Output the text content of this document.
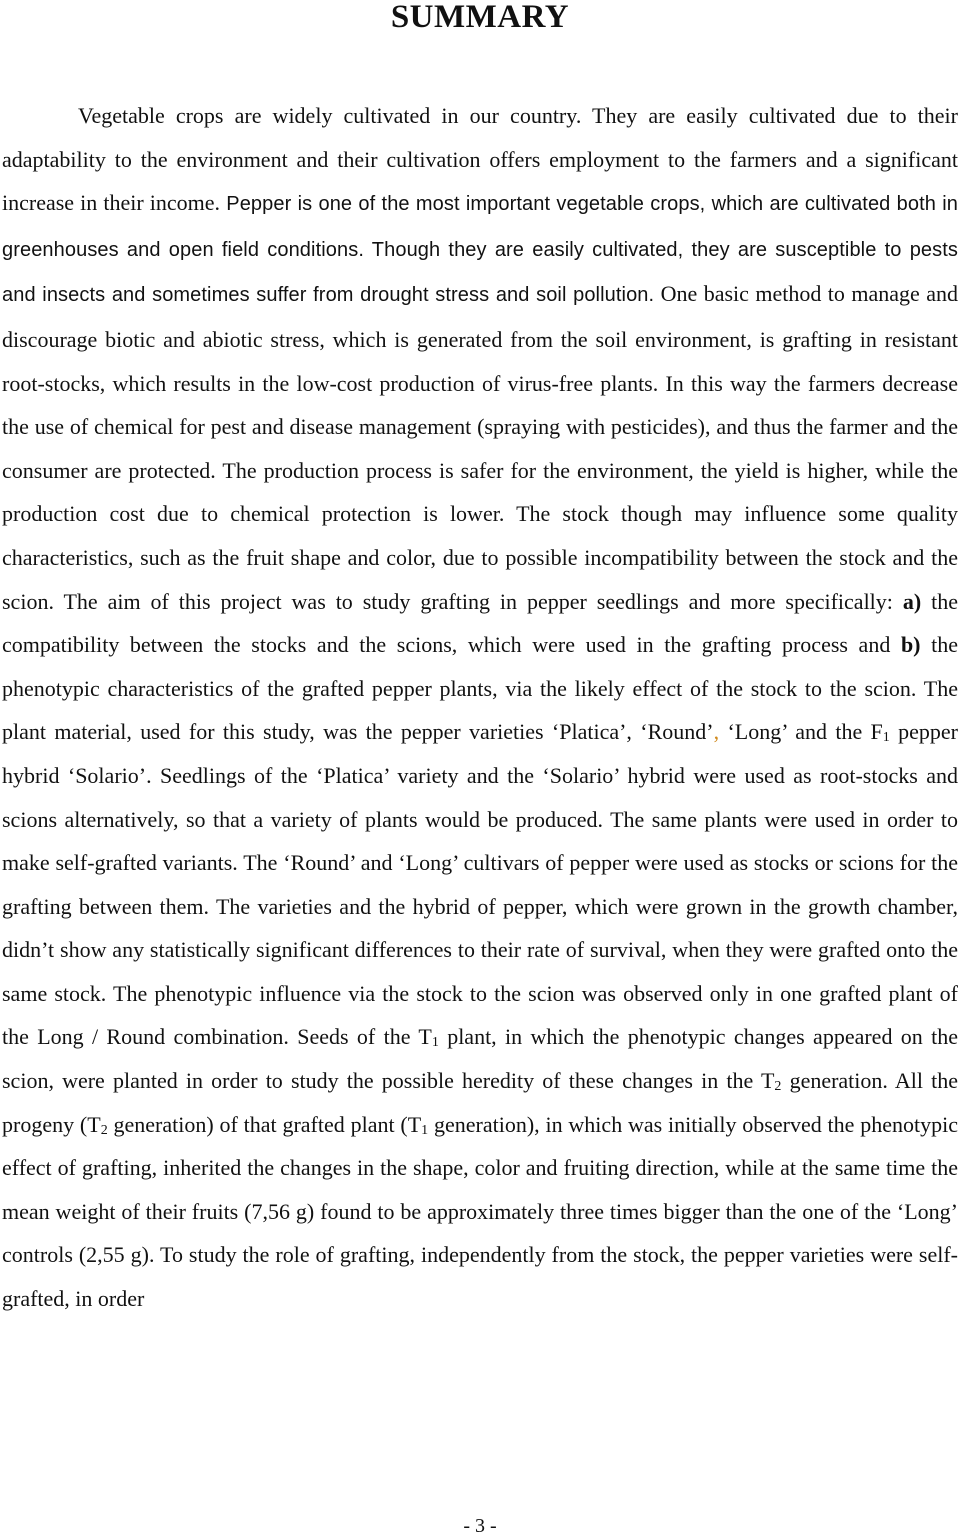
SUMMARY

Vegetable crops are widely cultivated in our country. They are easily cultivated due to their adaptability to the environment and their cultivation offers employment to the farmers and a significant increase in their income. Pepper is one of the most important vegetable crops, which are cultivated both in greenhouses and open field conditions. Though they are easily cultivated, they are susceptible to pests and insects and sometimes suffer from drought stress and soil pollution. One basic method to manage and discourage biotic and abiotic stress, which is generated from the soil environment, is grafting in resistant root-stocks, which results in the low-cost production of virus-free plants. In this way the farmers decrease the use of chemical for pest and disease management (spraying with pesticides), and thus the farmer and the consumer are protected. The production process is safer for the environment, the yield is higher, while the production cost due to chemical protection is lower. The stock though may influence some quality characteristics, such as the fruit shape and color, due to possible incompatibility between the stock and the scion. The aim of this project was to study grafting in pepper seedlings and more specifically: a) the compatibility between the stocks and the scions, which were used in the grafting process and b) the phenotypic characteristics of the grafted pepper plants, via the likely effect of the stock to the scion. The plant material, used for this study, was the pepper varieties ‘Platica’, ‘Round’, ‘Long’ and the $F_1$ pepper hybrid ‘Solario’. Seedlings of the ‘Platica’ variety and the ‘Solario’ hybrid were used as root-stocks and scions alternatively, so that a variety of plants would be produced. The same plants were used in order to make self-grafted variants. The ‘Round’ and ‘Long’ cultivars of pepper were used as stocks or scions for the grafting between them. The varieties and the hybrid of pepper, which were grown in the growth chamber, didn’t show any statistically significant differences to their rate of survival, when they were grafted onto the same stock. The phenotypic influence via the stock to the scion was observed only in one grafted plant of the Long / Round combination. Seeds of the $T_1$ plant, in which the phenotypic changes appeared on the scion, were planted in order to study the possible heredity of these changes in the $T_2$ generation. All the progeny ($T_2$ generation) of that grafted plant ($T_1$ generation), in which was initially observed the phenotypic effect of grafting, inherited the changes in the shape, color and fruiting direction, while at the same time the mean weight of their fruits (7,56 g) found to be approximately three times bigger than the one of the ‘Long’ controls (2,55 g). To study the role of grafting, independently from the stock, the pepper varieties were self-grafted, in order

- 3 -
